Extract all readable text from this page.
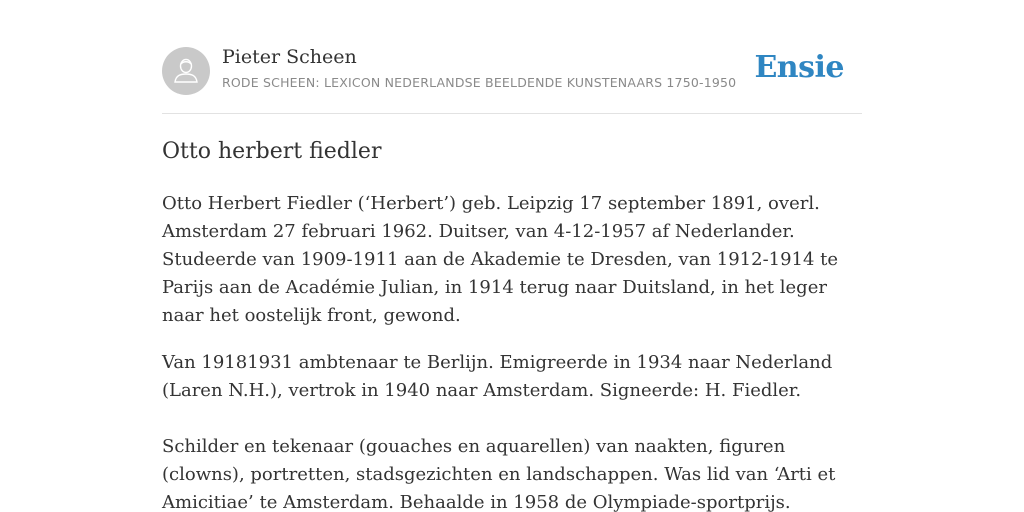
Pieter Scheen
RODE SCHEEN: LEXICON NEDERLANDSE BEELDENDE KUNSTENAARS 1750-1950 Ensie
Otto herbert fiedler

Otto Herbert Fiedler (‘Herbert’) geb. Leipzig 17 september 1891, overl. Amsterdam 27 februari 1962. Duitser, van 4-12-1957 af Nederlander. Studeerde van 1909-1911 aan de Akademie te Dresden, van 1912-1914 te Parijs aan de Académie Julian, in 1914 terug naar Duitsland, in het leger naar het oostelijk front, gewond.

Van 19181931 ambtenaar te Berlijn. Emigreerde in 1934 naar Nederland (Laren N.H.), vertrok in 1940 naar Amsterdam. Signeerde: H. Fiedler.

Schilder en tekenaar (gouaches en aquarellen) van naakten, figuren (clowns), portretten, stadsgezichten en landschappen. Was lid van ‘Arti et Amicitiae’ te Amsterdam. Behaalde in 1958 de Olympiade-sportprijs.
